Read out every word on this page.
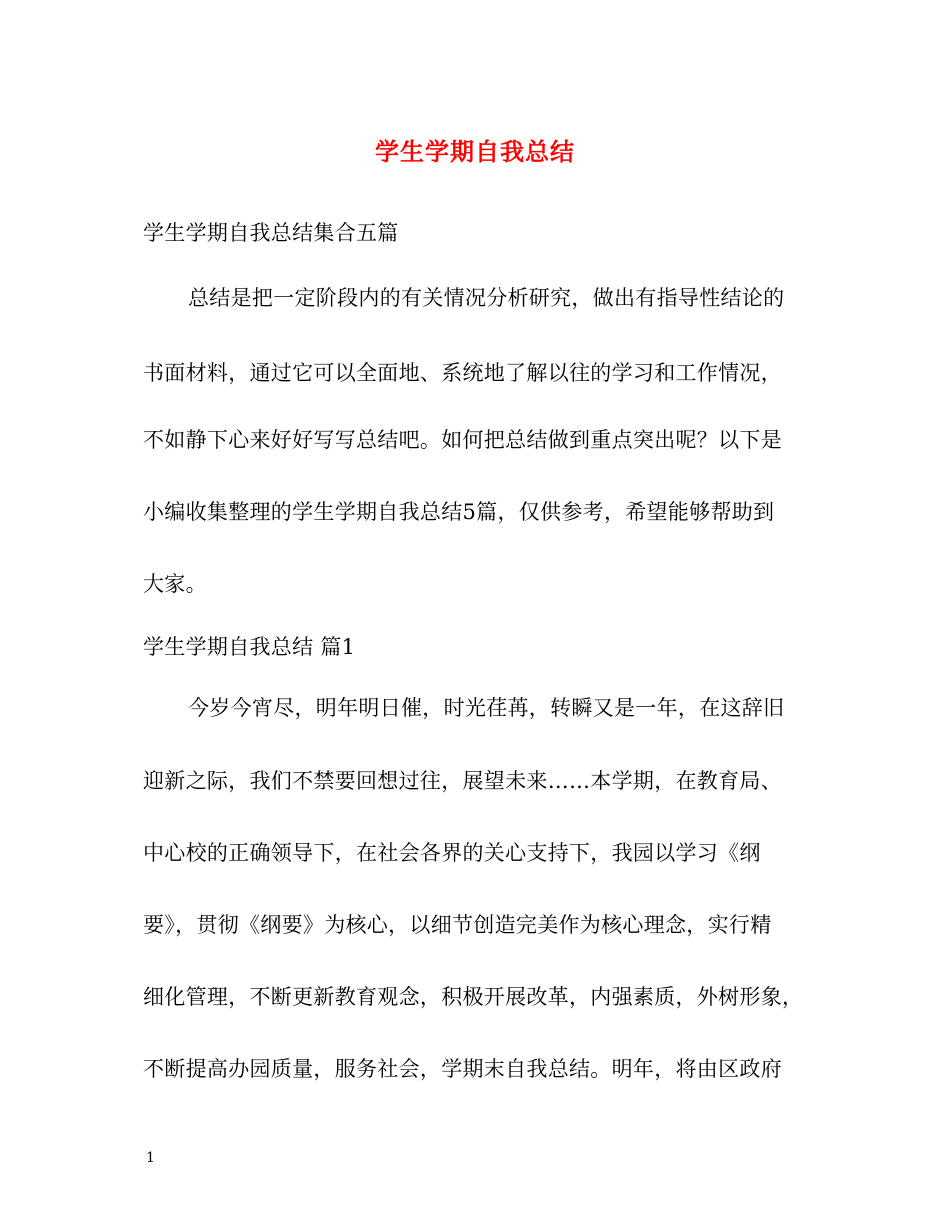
学生学期自我总结
学生学期自我总结集合五篇
总结是把一定阶段内的有关情况分析研究，做出有指导性结论的
书面材料，通过它可以全面地、系统地了解以往的学习和工作情况，
不如静下心来好好写写总结吧。如何把总结做到重点突出呢？以下是
小编收集整理的学生学期自我总结5篇，仅供参考，希望能够帮助到
大家。
学生学期自我总结 篇1
今岁今宵尽，明年明日催，时光荏苒，转瞬又是一年，在这辞旧
迎新之际，我们不禁要回想过往，展望未来……本学期，在教育局、
中心校的正确领导下，在社会各界的关心支持下，我园以学习《纲
要》，贯彻《纲要》为核心，以细节创造完美作为核心理念，实行精
细化管理，不断更新教育观念，积极开展改革，内强素质，外树形象，
不断提高办园质量，服务社会，学期末自我总结。明年，将由区政府
1
